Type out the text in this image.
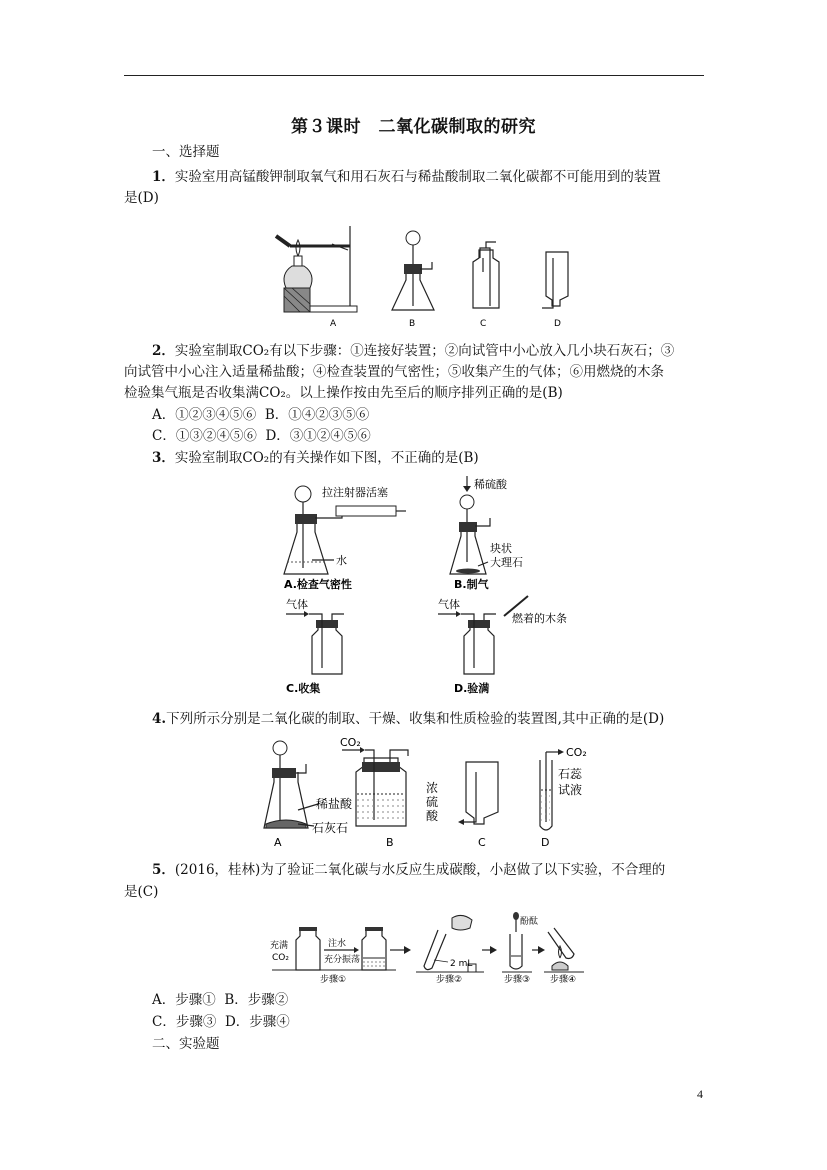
第３课时　二氧化碳制取的研究
一、选择题
1．实验室用高锰酸钾制取氧气和用石灰石与稀盐酸制取二氧化碳都不可能用到的装置
是(D)
A	B	C	D
2．实验室制取CO₂有以下步骤：①连接好装置；②向试管中小心放入几小块石灰石；③
向试管中小心注入适量稀盐酸；④检查装置的气密性；⑤收集产生的气体；⑥用燃烧的木条
检验集气瓶是否收集满CO₂。以上操作按由先至后的顺序排列正确的是(B)
A．①②③④⑤⑥ B．①④②③⑤⑥
C．①③②④⑤⑥ D．③①②④⑤⑥
3．实验室制取CO₂的有关操作如下图，不正确的是(B)
拉注射器活塞
水
A.检查气密性
稀硫酸
块状
大理石
B.制气
气体
C.收集
气体
燃着的木条
D.验满
4.下列所示分别是二氧化碳的制取、干燥、收集和性质检验的装置图,其中正确的是(D)
稀盐酸
石灰石
A
CO₂
浓
硫
酸
B	C
CO₂
石蕊
试液
D
5．(2016，桂林)为了验证二氧化碳与水反应生成碳酸，小赵做了以下实验，不合理的
是(C)
充满
CO₂
注水
充分振荡
步骤①
2 mL
步骤②
酚酞
步骤③ 步骤④
A．步骤① B．步骤②
C．步骤③ D．步骤④
二、实验题
4
